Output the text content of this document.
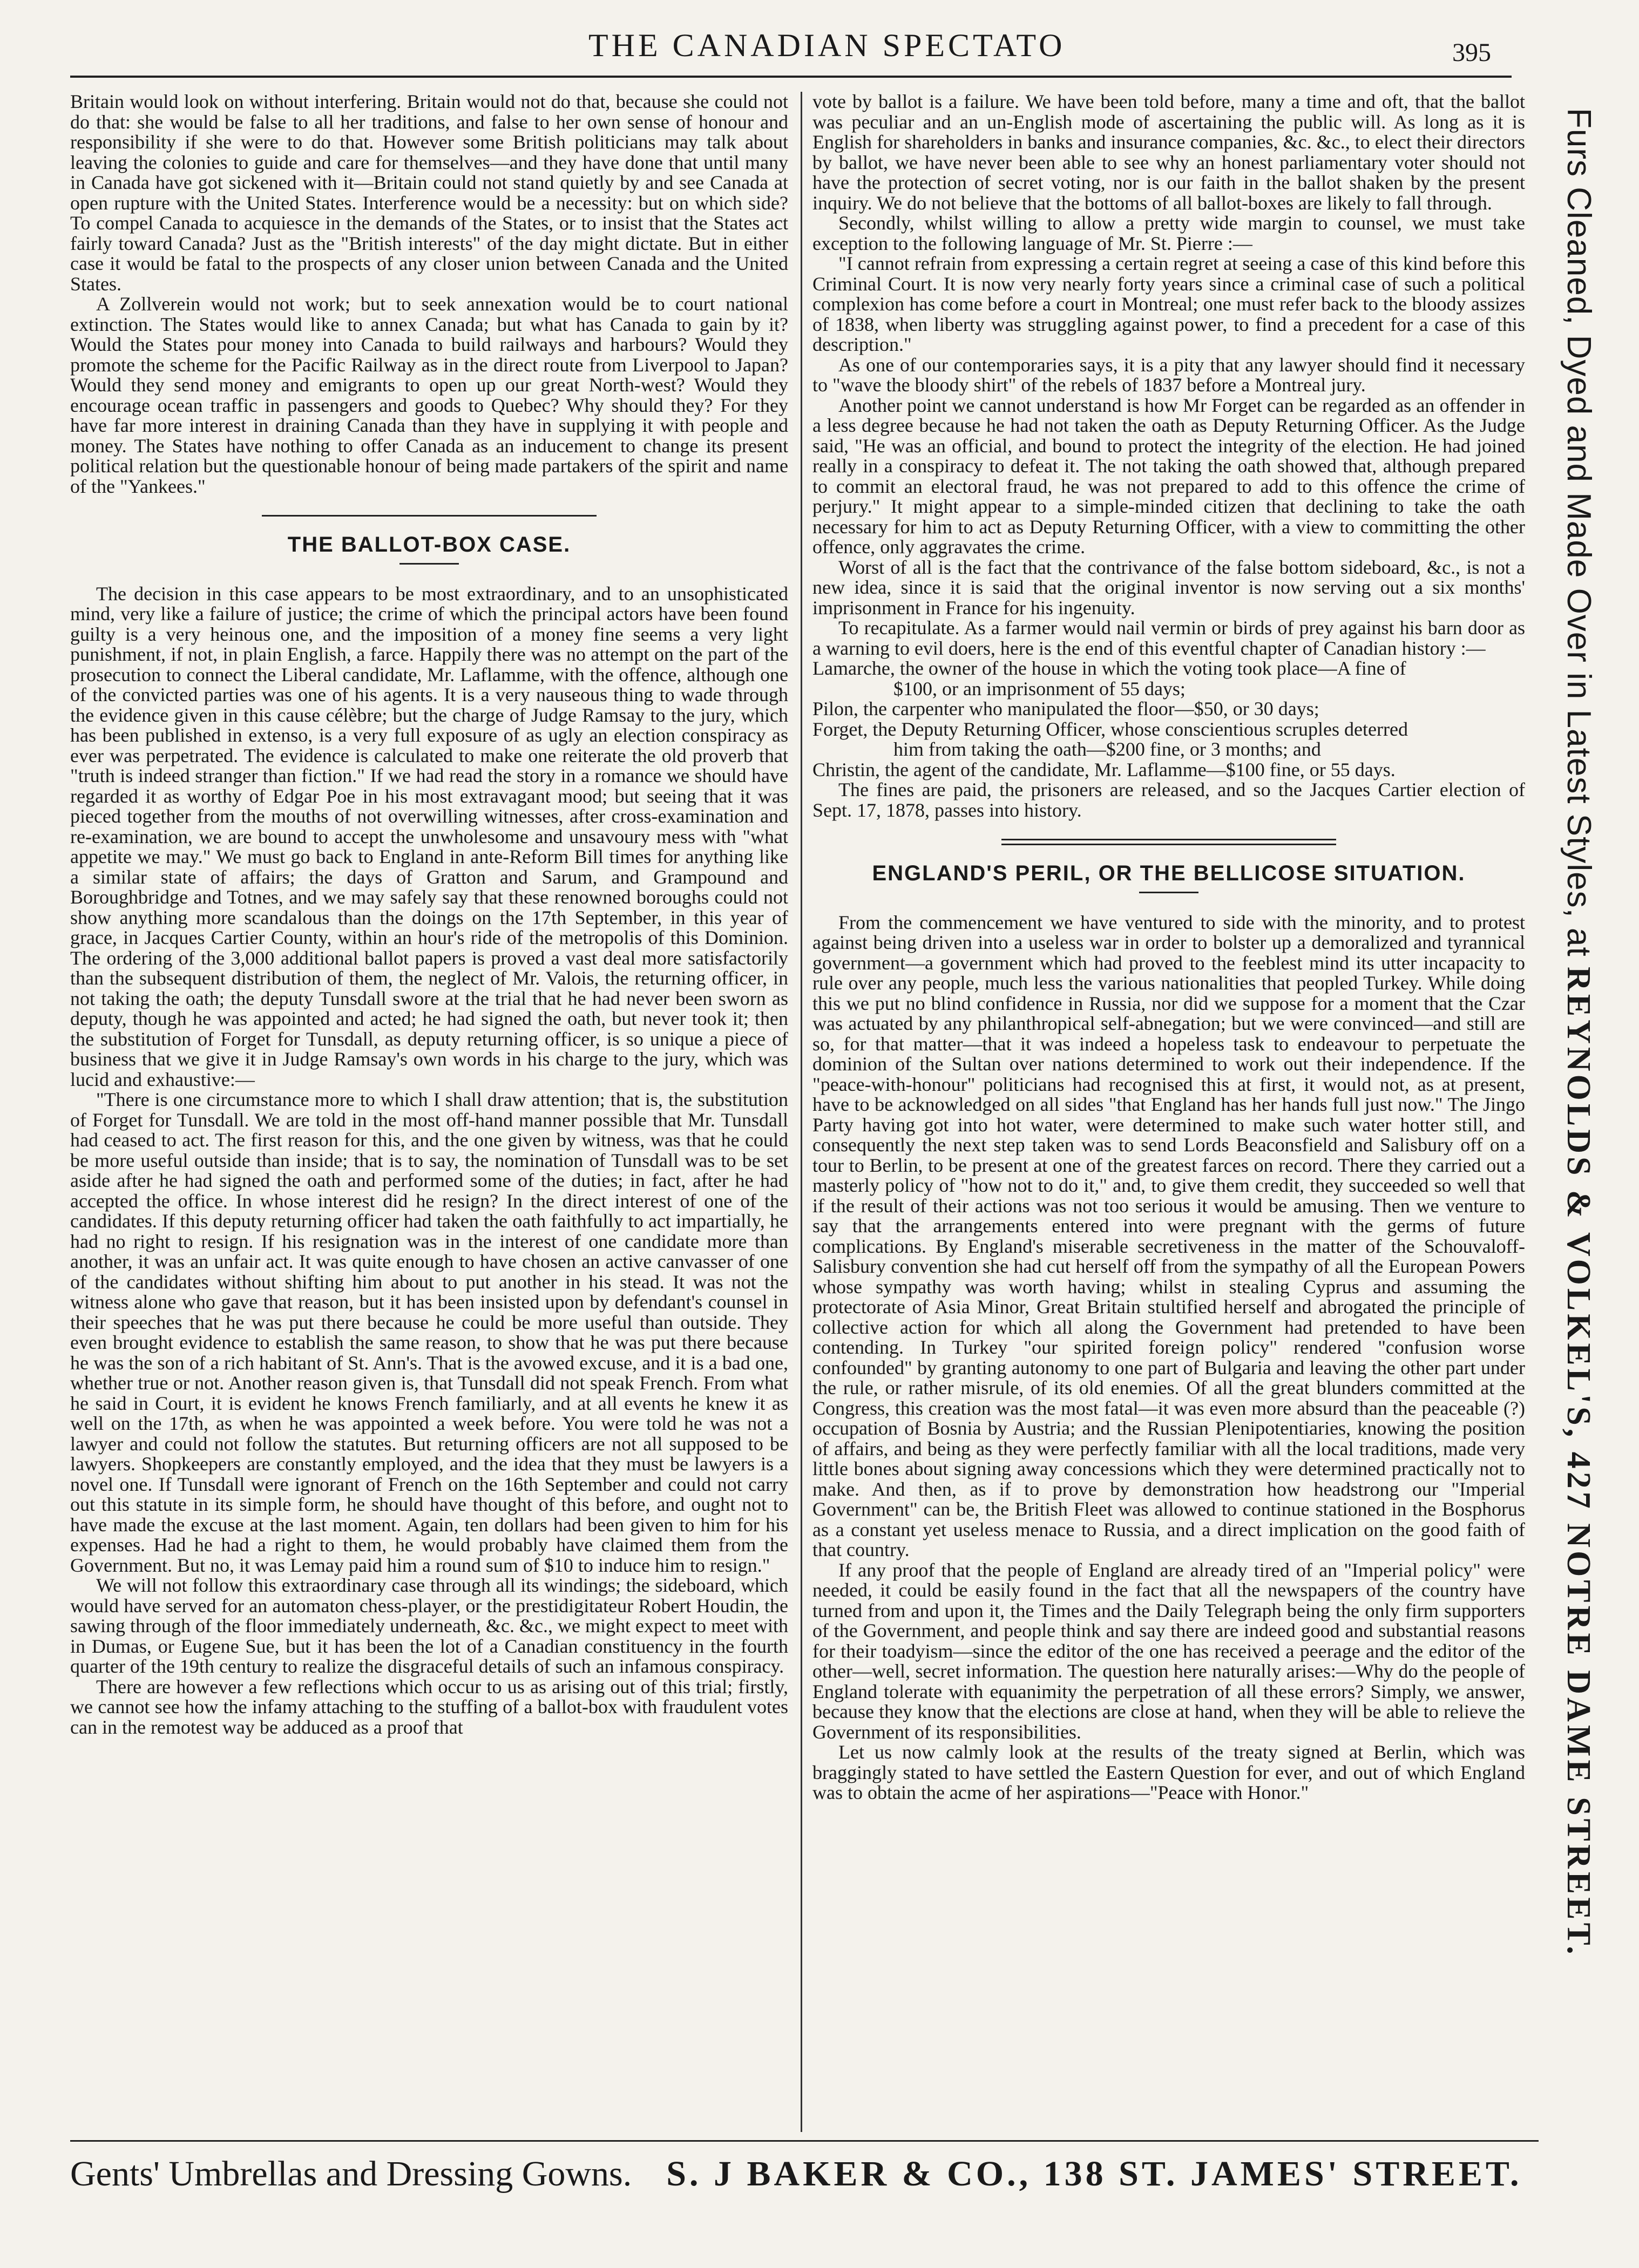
THE CANADIAN SPECTATO	395

Britain would look on without interfering. Britain would not do that, because she could not do that: she would be false to all her traditions, and false to her own sense of honour and responsibility if she were to do that. However some British politicians may talk about leaving the colonies to guide and care for themselves—and they have done that until many in Canada have got sickened with it—Britain could not stand quietly by and see Canada at open rupture with the United States. Interference would be a necessity: but on which side? To compel Canada to acquiesce in the demands of the States, or to insist that the States act fairly toward Canada? Just as the "British interests" of the day might dictate. But in either case it would be fatal to the prospects of any closer union between Canada and the United States.

A Zollverein would not work; but to seek annexation would be to court national extinction. The States would like to annex Canada; but what has Canada to gain by it? Would the States pour money into Canada to build railways and harbours? Would they promote the scheme for the Pacific Railway as in the direct route from Liverpool to Japan? Would they send money and emigrants to open up our great North-west? Would they encourage ocean traffic in passengers and goods to Quebec? Why should they? For they have far more interest in draining Canada than they have in supplying it with people and money. The States have nothing to offer Canada as an inducement to change its present political relation but the questionable honour of being made partakers of the spirit and name of the "Yankees."

THE BALLOT-BOX CASE.

The decision in this case appears to be most extraordinary, and to an unsophisticated mind, very like a failure of justice; the crime of which the principal actors have been found guilty is a very heinous one, and the imposition of a money fine seems a very light punishment, if not, in plain English, a farce. Happily there was no attempt on the part of the prosecution to connect the Liberal candidate, Mr. Laflamme, with the offence, although one of the convicted parties was one of his agents. It is a very nauseous thing to wade through the evidence given in this cause célèbre; but the charge of Judge Ramsay to the jury, which has been published in extenso, is a very full exposure of as ugly an election conspiracy as ever was perpetrated. The evidence is calculated to make one reiterate the old proverb that "truth is indeed stranger than fiction." If we had read the story in a romance we should have regarded it as worthy of Edgar Poe in his most extravagant mood; but seeing that it was pieced together from the mouths of not overwilling witnesses, after cross-examination and re-examination, we are bound to accept the unwholesome and unsavoury mess with "what appetite we may." We must go back to England in ante-Reform Bill times for anything like a similar state of affairs; the days of Gratton and Sarum, and Grampound and Boroughbridge and Totnes, and we may safely say that these renowned boroughs could not show anything more scandalous than the doings on the 17th September, in this year of grace, in Jacques Cartier County, within an hour's ride of the metropolis of this Dominion. The ordering of the 3,000 additional ballot papers is proved a vast deal more satisfactorily than the subsequent distribution of them, the neglect of Mr. Valois, the returning officer, in not taking the oath; the deputy Tunsdall swore at the trial that he had never been sworn as deputy, though he was appointed and acted; he had signed the oath, but never took it; then the substitution of Forget for Tunsdall, as deputy returning officer, is so unique a piece of business that we give it in Judge Ramsay's own words in his charge to the jury, which was lucid and exhaustive:—

"There is one circumstance more to which I shall draw attention; that is, the substitution of Forget for Tunsdall. We are told in the most off-hand manner possible that Mr. Tunsdall had ceased to act. The first reason for this, and the one given by witness, was that he could be more useful outside than inside; that is to say, the nomination of Tunsdall was to be set aside after he had signed the oath and performed some of the duties; in fact, after he had accepted the office. In whose interest did he resign? In the direct interest of one of the candidates. If this deputy returning officer had taken the oath faithfully to act impartially, he had no right to resign. If his resignation was in the interest of one candidate more than another, it was an unfair act. It was quite enough to have chosen an active canvasser of one of the candidates without shifting him about to put another in his stead. It was not the witness alone who gave that reason, but it has been insisted upon by defendant's counsel in their speeches that he was put there because he could be more useful than outside. They even brought evidence to establish the same reason, to show that he was put there because he was the son of a rich habitant of St. Ann's. That is the avowed excuse, and it is a bad one, whether true or not. Another reason given is, that Tunsdall did not speak French. From what he said in Court, it is evident he knows French familiarly, and at all events he knew it as well on the 17th, as when he was appointed a week before. You were told he was not a lawyer and could not follow the statutes. But returning officers are not all supposed to be lawyers. Shopkeepers are constantly employed, and the idea that they must be lawyers is a novel one. If Tunsdall were ignorant of French on the 16th September and could not carry out this statute in its simple form, he should have thought of this before, and ought not to have made the excuse at the last moment. Again, ten dollars had been given to him for his expenses. Had he had a right to them, he would probably have claimed them from the Government. But no, it was Lemay paid him a round sum of $10 to induce him to resign."

We will not follow this extraordinary case through all its windings; the sideboard, which would have served for an automaton chess-player, or the prestidigitateur Robert Houdin, the sawing through of the floor immediately underneath, &c. &c., we might expect to meet with in Dumas, or Eugene Sue, but it has been the lot of a Canadian constituency in the fourth quarter of the 19th century to realize the disgraceful details of such an infamous conspiracy.

There are however a few reflections which occur to us as arising out of this trial; firstly, we cannot see how the infamy attaching to the stuffing of a ballot-box with fraudulent votes can in the remotest way be adduced as a proof that

vote by ballot is a failure. We have been told before, many a time and oft, that the ballot was peculiar and an un-English mode of ascertaining the public will. As long as it is English for shareholders in banks and insurance companies, &c. &c., to elect their directors by ballot, we have never been able to see why an honest parliamentary voter should not have the protection of secret voting, nor is our faith in the ballot shaken by the present inquiry. We do not believe that the bottoms of all ballot-boxes are likely to fall through.

Secondly, whilst willing to allow a pretty wide margin to counsel, we must take exception to the following language of Mr. St. Pierre :—

"I cannot refrain from expressing a certain regret at seeing a case of this kind before this Criminal Court. It is now very nearly forty years since a criminal case of such a political complexion has come before a court in Montreal; one must refer back to the bloody assizes of 1838, when liberty was struggling against power, to find a precedent for a case of this description."

As one of our contemporaries says, it is a pity that any lawyer should find it necessary to "wave the bloody shirt" of the rebels of 1837 before a Montreal jury.

Another point we cannot understand is how Mr Forget can be regarded as an offender in a less degree because he had not taken the oath as Deputy Returning Officer. As the Judge said, "He was an official, and bound to protect the integrity of the election. He had joined really in a conspiracy to defeat it. The not taking the oath showed that, although prepared to commit an electoral fraud, he was not prepared to add to this offence the crime of perjury." It might appear to a simple-minded citizen that declining to take the oath necessary for him to act as Deputy Returning Officer, with a view to committing the other offence, only aggravates the crime.

Worst of all is the fact that the contrivance of the false bottom sideboard, &c., is not a new idea, since it is said that the original inventor is now serving out a six months' imprisonment in France for his ingenuity.

To recapitulate. As a farmer would nail vermin or birds of prey against his barn door as a warning to evil doers, here is the end of this eventful chapter of Canadian history :—

Lamarche, the owner of the house in which the voting took place—A fine of
$100, or an imprisonment of 55 days;
Pilon, the carpenter who manipulated the floor—$50, or 30 days;
Forget, the Deputy Returning Officer, whose conscientious scruples deterred
him from taking the oath—$200 fine, or 3 months; and
Christin, the agent of the candidate, Mr. Laflamme—$100 fine, or 55 days.

The fines are paid, the prisoners are released, and so the Jacques Cartier election of Sept. 17, 1878, passes into history.

ENGLAND'S PERIL, OR THE BELLICOSE SITUATION.

From the commencement we have ventured to side with the minority, and to protest against being driven into a useless war in order to bolster up a demoralized and tyrannical government—a government which had proved to the feeblest mind its utter incapacity to rule over any people, much less the various nationalities that peopled Turkey. While doing this we put no blind confidence in Russia, nor did we suppose for a moment that the Czar was actuated by any philanthropical self-abnegation; but we were convinced—and still are so, for that matter—that it was indeed a hopeless task to endeavour to perpetuate the dominion of the Sultan over nations determined to work out their independence. If the "peace-with-honour" politicians had recognised this at first, it would not, as at present, have to be acknowledged on all sides "that England has her hands full just now." The Jingo Party having got into hot water, were determined to make such water hotter still, and consequently the next step taken was to send Lords Beaconsfield and Salisbury off on a tour to Berlin, to be present at one of the greatest farces on record. There they carried out a masterly policy of "how not to do it," and, to give them credit, they succeeded so well that if the result of their actions was not too serious it would be amusing. Then we venture to say that the arrangements entered into were pregnant with the germs of future complications. By England's miserable secretiveness in the matter of the Schouvaloff-Salisbury convention she had cut herself off from the sympathy of all the European Powers whose sympathy was worth having; whilst in stealing Cyprus and assuming the protectorate of Asia Minor, Great Britain stultified herself and abrogated the principle of collective action for which all along the Government had pretended to have been contending. In Turkey "our spirited foreign policy" rendered "confusion worse confounded" by granting autonomy to one part of Bulgaria and leaving the other part under the rule, or rather misrule, of its old enemies. Of all the great blunders committed at the Congress, this creation was the most fatal—it was even more absurd than the peaceable (?) occupation of Bosnia by Austria; and the Russian Plenipotentiaries, knowing the position of affairs, and being as they were perfectly familiar with all the local traditions, made very little bones about signing away concessions which they were determined practically not to make. And then, as if to prove by demonstration how headstrong our "Imperial Government" can be, the British Fleet was allowed to continue stationed in the Bosphorus as a constant yet useless menace to Russia, and a direct implication on the good faith of that country.

If any proof that the people of England are already tired of an "Imperial policy" were needed, it could be easily found in the fact that all the newspapers of the country have turned from and upon it, the Times and the Daily Telegraph being the only firm supporters of the Government, and people think and say there are indeed good and substantial reasons for their toadyism—since the editor of the one has received a peerage and the editor of the other—well, secret information. The question here naturally arises:—Why do the people of England tolerate with equanimity the perpetration of all these errors? Simply, we answer, because they know that the elections are close at hand, when they will be able to relieve the Government of its responsibilities.

Let us now calmly look at the results of the treaty signed at Berlin, which was braggingly stated to have settled the Eastern Question for ever, and out of which England was to obtain the acme of her aspirations—"Peace with Honor."

Furs Cleaned, Dyed and Made Over in Latest Styles, at REYNOLDS & VOLKEL'S, 427 NOTRE DAME STREET.
Gents' Umbrellas and Dressing Gowns. S. J BAKER & CO., 138 ST. JAMES' STREET.
